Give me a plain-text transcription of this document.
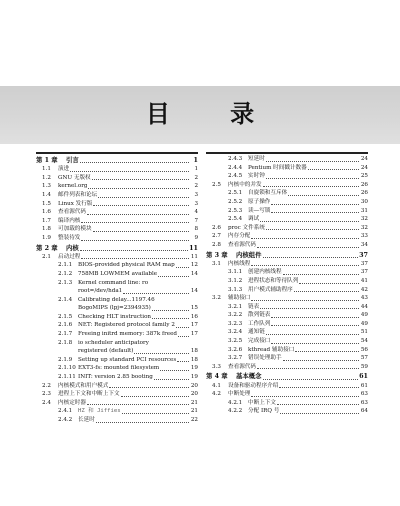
目 录
第 1 章	引言	1
1.1	演进	1
1.2	GNU 无版权	2
1.3	kernel.org	2
1.4	邮件列表和论坛	3
1.5	Linux 发行版	3
1.6	查看源代码	4
1.7	编译内核	7
1.8	可加载的模块	8
1.9	整装待发	9
第 2 章	内核	11
2.1	启动过程	11
2.1.1	BIOS-provided physical RAM map	12
2.1.2	758MB LOWMEM available	14
2.1.3	Kernel command line: ro
root=/dev/hda1	14
2.1.4	Calibrating delay...1197.46
BogoMIPS (lpj=2394935)	15
2.1.5	Checking HLT instruction	16
2.1.6	NET: Registered protocol family 2	17
2.1.7	Freeing initrd memory: 387k freed 17
2.1.8	io scheduler anticipatory
registered (default)	18
2.1.9	Setting up standard PCI resources	18
2.1.10 EXT3-fs: mounted filesystem	19
2.1.11 INIT: version 2.85 booting	19
2.2	内核模式和用户模式	20
2.3	进程上下文和中断上下文	20
2.4	内核定时器	21
2.4.1	HZ 和 Jiffies	21
2.4.2	长延时	22
2.4.3	短延时	24
2.4.4	Pentium 时间戳计数器	24
2.4.5	实时钟	25
2.5	内核中的并发	26
2.5.1	自旋锁和互斥体	26
2.5.2	原子操作	30
2.5.3	读—写锁	31
2.5.4	调试	32
2.6	proc 文件系统	32
2.7	内存分配	33
2.8	查看源代码	34
第 3 章	内核组件	37
3.1	内核线程	37
3.1.1	创建内核线程	37
3.1.2	进程状态和等待队列	41
3.1.3	用户模式辅助程序	42
3.2	辅助接口	43
3.2.1	链表	44
3.2.2	散列链表	49
3.2.3	工作队列	49
3.2.4	通知链	51
3.2.5	完成接口	54
3.2.6	kthread 辅助接口	56
3.2.7	错误处理助手	57
3.3	查看源代码	59
第 4 章	基本概念	61
4.1	设备和驱动程序介绍	61
4.2	中断处理	63
4.2.1	中断上下文	63
4.2.2	分配 IRQ 号	64
